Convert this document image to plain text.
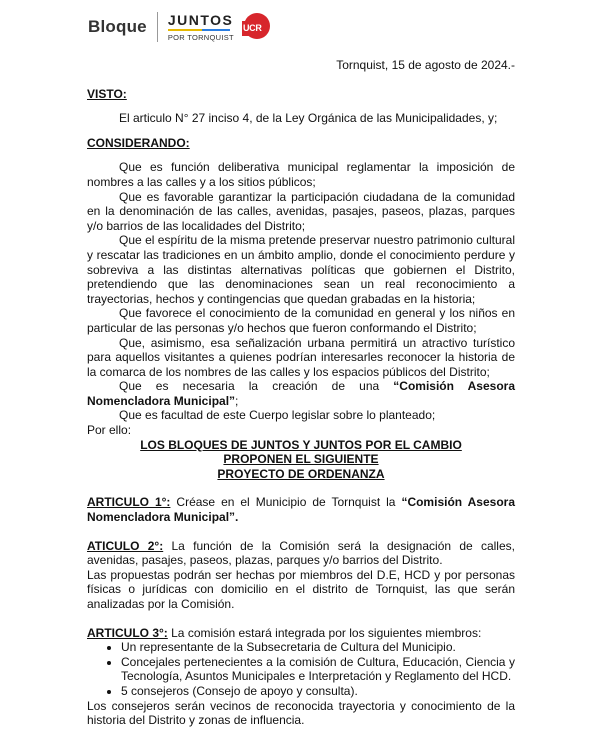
Bloque JUNTOS
POR TORNQUIST
UCR
Tornquist, 15 de agosto de 2024.-
VISTO:
El articulo N° 27 inciso 4, de la Ley Orgánica de las Municipalidades, y;
CONSIDERANDO:
Que es función deliberativa municipal reglamentar la imposición de nombres a las calles y a los sitios públicos;
Que es favorable garantizar la participación ciudadana de la comunidad en la denominación de las calles, avenidas, pasajes, paseos, plazas, parques y/o barrios de las localidades del Distrito;
Que el espíritu de la misma pretende preservar nuestro patrimonio cultural y rescatar las tradiciones en un ámbito amplio, donde el conocimiento perdure y sobreviva a las distintas alternativas políticas que gobiernen el Distrito, pretendiendo que las denominaciones sean un real reconocimiento a trayectorias, hechos y contingencias que quedan grabadas en la historia;
Que favorece el conocimiento de la comunidad en general y los niños en particular de las personas y/o hechos que fueron conformando el Distrito;
Que, asimismo, esa señalización urbana permitirá un atractivo turístico para aquellos visitantes a quienes podrían interesarles reconocer la historia de la comarca de los nombres de las calles y los espacios públicos del Distrito;
Que es necesaria la creación de una “Comisión Asesora Nomencladora Municipal”;
Que es facultad de este Cuerpo legislar sobre lo planteado;
Por ello:
LOS BLOQUES DE JUNTOS Y JUNTOS POR EL CAMBIO
PROPONEN EL SIGUIENTE
PROYECTO DE ORDENANZA
ARTICULO 1°: Créase en el Municipio de Tornquist la “Comisión Asesora Nomencladora Municipal”.
ATICULO 2°: La función de la Comisión será la designación de calles, avenidas, pasajes, paseos, plazas, parques y/o barrios del Distrito.
Las propuestas podrán ser hechas por miembros del D.E, HCD y por personas físicas o jurídicas con domicilio en el distrito de Tornquist, las que serán analizadas por la Comisión.
ARTICULO 3°: La comisión estará integrada por los siguientes miembros:
• Un representante de la Subsecretaria de Cultura del Municipio.
• Concejales pertenecientes a la comisión de Cultura, Educación, Ciencia y Tecnología, Asuntos Municipales e Interpretación y Reglamento del HCD.
• 5 consejeros (Consejo de apoyo y consulta).
Los consejeros serán vecinos de reconocida trayectoria y conocimiento de la historia del Distrito y zonas de influencia.
